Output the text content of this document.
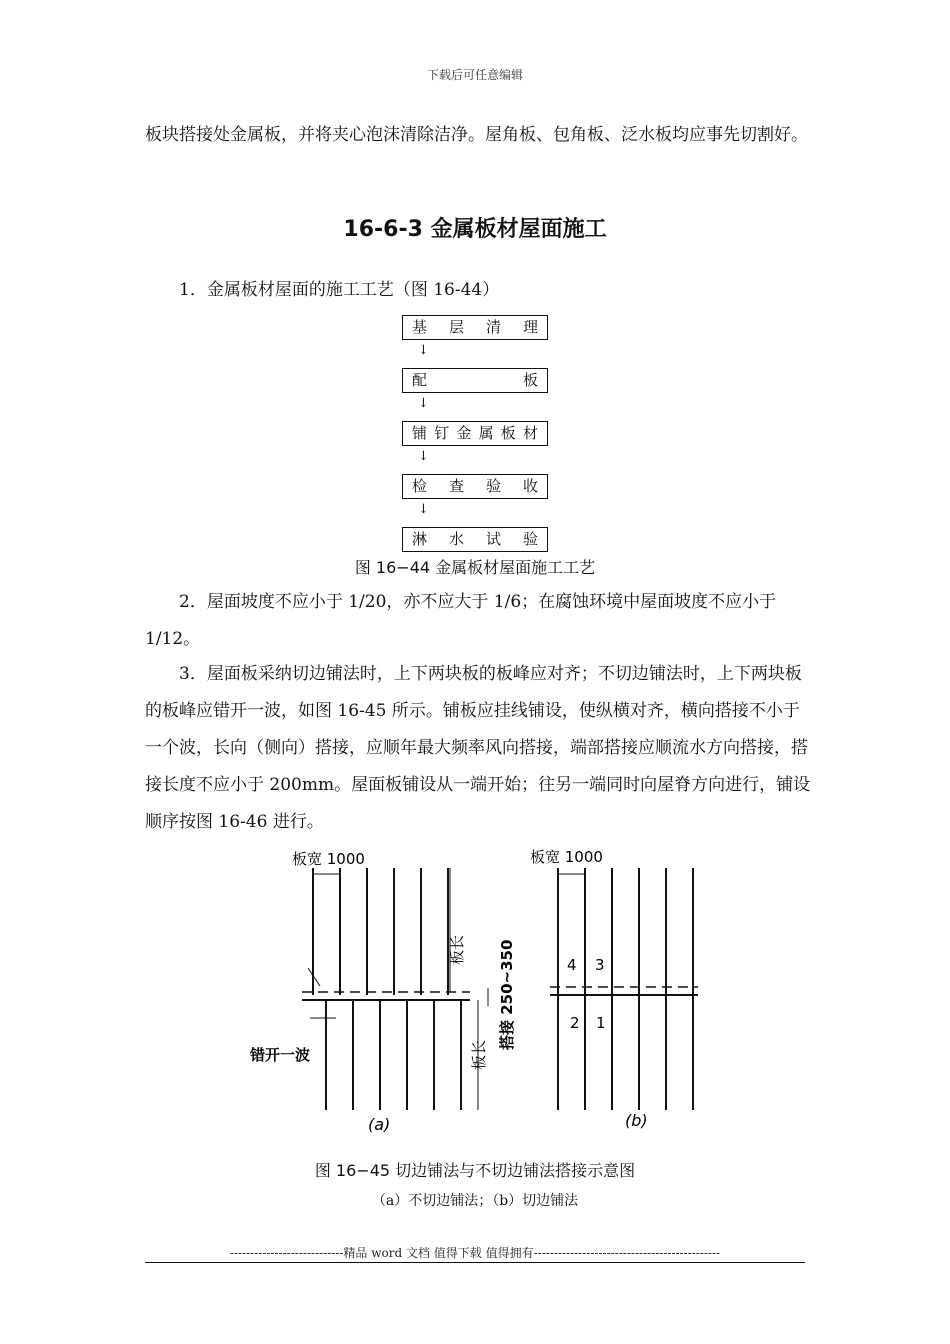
下载后可任意编辑
板块搭接处金属板，并将夹心泡沫清除洁净。屋角板、包角板、泛水板均应事先切割好。
16-6-3 金属板材屋面施工
1．金属板材屋面的施工工艺（图 16-44）
基 层 清 理
↓
配	板
↓
铺 钉 金 属 板 材
↓
检 查 验 收
↓
淋 水 试 验
图 16−44 金属板材屋面施工工艺
2．屋面坡度不应小于 1/20，亦不应大于 1/6；在腐蚀环境中屋面坡度不应小于 1/12。
3．屋面板采纳切边铺法时，上下两块板的板峰应对齐；不切边铺法时，上下两块板的板峰应错开一波，如图 16-45 所示。铺板应挂线铺设，使纵横对齐，横向搭接不小于一个波，长向（侧向）搭接，应顺年最大频率风向搭接，端部搭接应顺流水方向搭接，搭接长度不应小于 200mm。屋面板铺设从一端开始；往另一端同时向屋脊方向进行，铺设顺序按图 16-46 进行。
板宽 1000	板宽 1000
板长
板长
搭接 250~350
错开一波
4 3
2 1
(a)	(b)
图 16−45 切边铺法与不切边铺法搭接示意图
（a）不切边铺法；（b）切边铺法
----------------------------精品 word 文档 值得下载 值得拥有----------------------------------------------
